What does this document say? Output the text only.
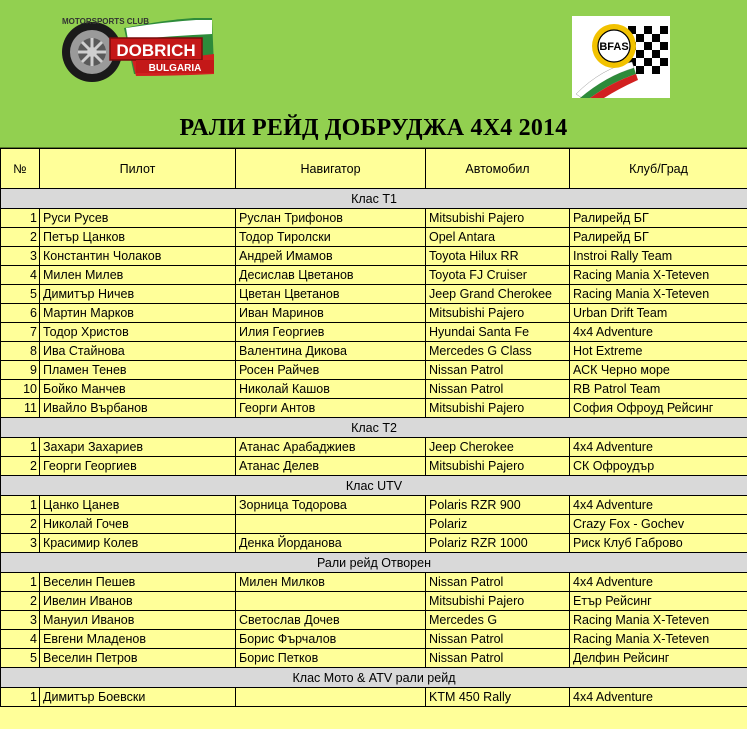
MOTORSPORTS CLUB
DOBRICH
BULGARIA
BFAS
РАЛИ РЕЙД ДОБРУДЖА 4Х4 2014
№	Пилот	Навигатор	Автомобил	Клуб/Град
Клас Т1				
1	Руси Русев	Руслан Трифонов	Mitsubishi Pajero	Ралирейд БГ
2	Петър Цанков	Тодор Тиролски	Opel Antara	Ралирейд БГ
3	Константин Чолаков	Андрей Имамов	Toyota Hilux RR	Instroi Rally Team
4	Милен Милев	Десислав Цветанов	Toyota FJ Cruiser	Racing Mania X-Teteven
5	Димитър Ничев	Цветан Цветанов	Jeep Grand Cherokee	Racing Mania X-Teteven
6	Мартин Марков	Иван Маринов	Mitsubishi Pajero	Urban Drift Team
7	Тодор Христов	Илия Георгиев	Hyundai Santa Fe	4x4 Adventure
8	Ива Стайнова	Валентина Дикова	Mercedes G Class	Hot Extreme
9	Пламен Тенев	Росен Райчев	Nissan Patrol	АСК Черно море
10	Бойко Манчев	Николай Кашов	Nissan Patrol	RB Patrol Team
11	Ивайло Върбанов	Георги Антов	Mitsubishi Pajero	София Офроуд Рейсинг
Клас Т2				
1	Захари Захариев	Атанас Арабаджиев	Jeep Cherokee	4x4 Adventure
2	Георги Георгиев	Атанас Делев	Mitsubishi Pajero	СК Офроудър
Клас UTV				
1	Цанко Цанев	Зорница Тодорова	Polaris RZR 900	4x4 Adventure
2	Николай Гочев		Polariz	Crazy Fox - Gochev
3	Красимир Колев	Денка Йорданова	Polariz RZR 1000	Риск Клуб Габрово
Рали рейд Отворен				
1	Веселин Пешев	Милен Милков	Nissan Patrol	4x4 Adventure
2	Ивелин Иванов		Mitsubishi Pajero	Етър Рейсинг
3	Мануил Иванов	Светослав Дочев	Mercedes G	Racing Mania X-Teteven
4	Евгени Младенов	Борис Фърчалов	Nissan Patrol	Racing Mania X-Teteven
5	Веселин Петров	Борис Петков	Nissan Patrol	Делфин Рейсинг
Клас Мото & ATV рали рейд				
1	Димитър Боевски		KTM 450 Rally	4x4 Adventure
